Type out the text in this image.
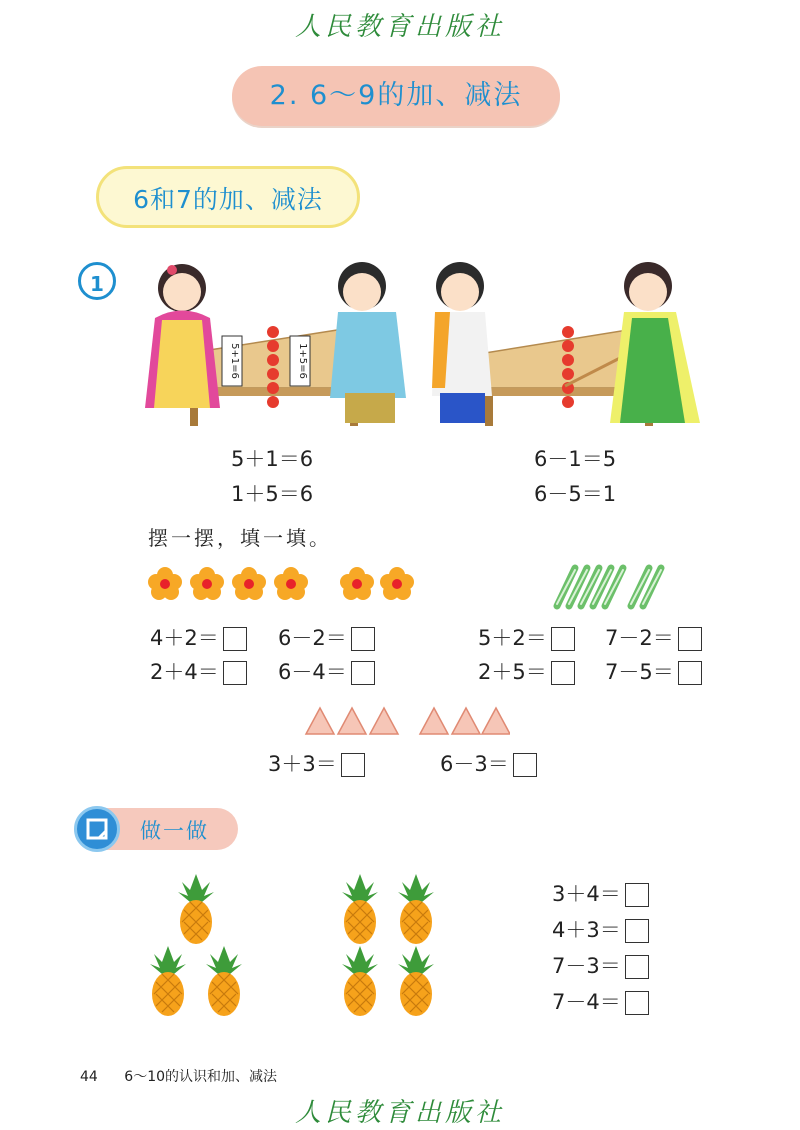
人民教育出版社
2. 6～9的加、减法
6和7的加、减法
1
5+1=6	1+5=6
5＋1＝6
1＋5＝6
6－1＝5
6－5＝1
摆一摆，填一填。
4＋2＝
2＋4＝
6－2＝
6－4＝
5＋2＝
2＋5＝
7－2＝
7－5＝
3＋3＝	6－3＝
做一做
3＋4＝
4＋3＝
7－3＝
7－4＝
44 6～10的认识和加、减法
人民教育出版社
